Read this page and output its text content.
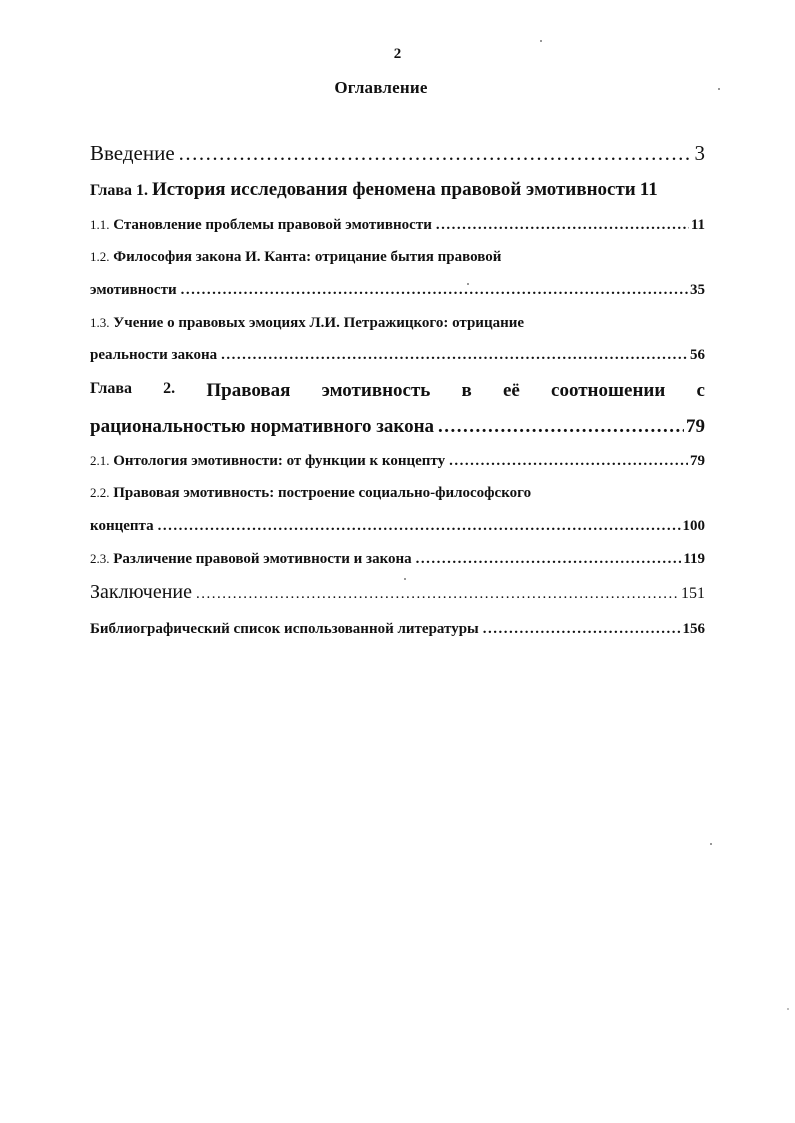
2
Оглавление
Введение .....	3
Глава 1. История исследования феномена правовой эмотивности 11
1.1. Становление проблемы правовой эмотивности .....	11
1.2. Философия закона И. Канта: отрицание бытия правовой
эмотивности .....	35
1.3. Учение о правовых эмоциях Л.И. Петражицкого: отрицание
реальности закона .....	56
Глава 2. Правовая эмотивность в её соотношении с
рациональностью нормативного закона .....	79
2.1. Онтология эмотивности: от функции к концепту .....	79
2.2. Правовая эмотивность: построение социально-философского
концепта .....	100
2.3. Различение правовой эмотивности и закона .....	119
Заключение .....	151
Библиографический список использованной литературы .....	156
